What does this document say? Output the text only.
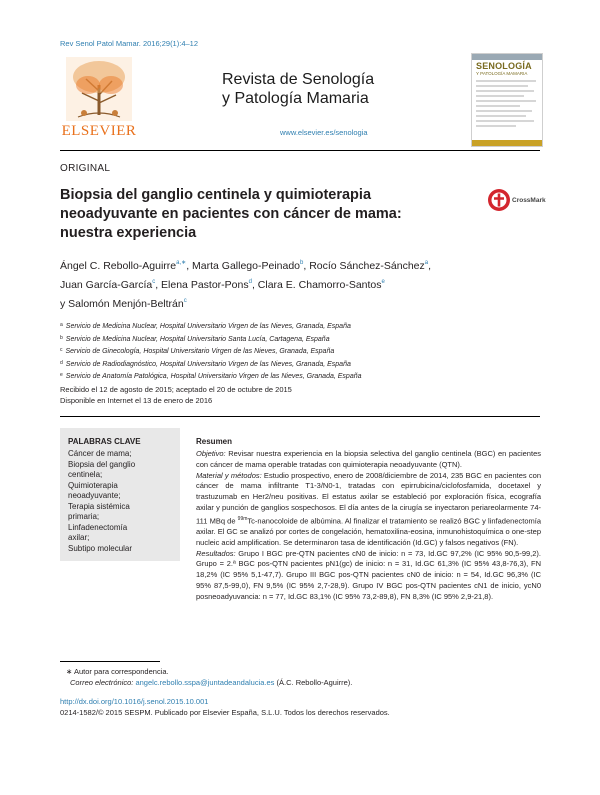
Rev Senol Patol Mamar. 2016;29(1):4–12
ELSEVIER
Revista de Senología
y Patología Mamaria
www.elsevier.es/senologia
SENOLOGÍA
Y PATOLOGÍA MAMARIA
ORIGINAL
Biopsia del ganglio centinela y quimioterapia neoadyuvante en pacientes con cáncer de mama: nuestra experiencia
CrossMark
Ángel C. Rebollo-Aguirre$^{a,∗}$, Marta Gallego-Peinado$^b$, Rocío Sánchez-Sánchez$^a$,
Juan García-García$^c$, Elena Pastor-Pons$^d$, Clara E. Chamorro-Santos$^e$
y Salomón Menjón-Beltrán$^c$
$^a$ Servicio de Medicina Nuclear, Hospital Universitario Virgen de las Nieves, Granada, España
$^b$ Servicio de Medicina Nuclear, Hospital Universitario Santa Lucía, Cartagena, España
$^c$ Servicio de Ginecología, Hospital Universitario Virgen de las Nieves, Granada, España
$^d$ Servicio de Radiodiagnóstico, Hospital Universitario Virgen de las Nieves, Granada, España
$^e$ Servicio de Anatomía Patológica, Hospital Universitario Virgen de las Nieves, Granada, España
Recibido el 12 de agosto de 2015; aceptado el 20 de octubre de 2015
Disponible en Internet el 13 de enero de 2016
PALABRAS CLAVE
Cáncer de mama;
Biopsia del ganglio
centinela;
Quimioterapia
neoadyuvante;
Terapia sistémica
primaria;
Linfadenectomía
axilar;
Subtipo molecular
Resumen

Objetivo: Revisar nuestra experiencia en la biopsia selectiva del ganglio centinela (BGC) en pacientes con cáncer de mama operable tratadas con quimioterapia neoadyuvante (QTN).

Material y métodos: Estudio prospectivo, enero de 2008/diciembre de 2014, 235 BGC en pacientes con cáncer de mama infiltrante T1-3/N0-1, tratadas con epirrubicina/ciclofosfamida, docetaxel y trastuzumab en Her2/neu positivas. El estatus axilar se estableció por exploración física, ecografía axilar y punción de ganglios sospechosos. El día antes de la cirugía se inyectaron periareolarmente 74-111 MBq de $^{99m}$Tc-nanocoloide de albúmina. Al finalizar el tratamiento se realizó BGC y linfadenectomía axilar. El GC se analizó por cortes de congelación, hematoxilina-eosina, inmunohistoquímica o one-step nucleic acid amplification. Se determinaron tasa de identificación (Id.GC) y falsos negativos (FN).

Resultados: Grupo I BGC pre-QTN pacientes cN0 de inicio: n = 73, Id.GC 97,2% (IC 95% 90,5-99,2). Grupo = 2.ª BGC pos-QTN pacientes pN1(gc) de inicio: n = 31, Id.GC 61,3% (IC 95% 43,8-76,3), FN 18,2% (IC 95% 5,1-47,7). Grupo III BGC pos-QTN pacientes cN0 de inicio: n = 54, Id.GC 96,3% (IC 95% 87,5-99,0), FN 9,5% (IC 95% 2,7-28,9). Grupo IV BGC pos-QTN pacientes cN1 de inicio, ycN0 posneoadyuvancia: n = 77, Id.GC 83,1% (IC 95% 73,2-89,8), FN 8,3% (IC 95% 2,9-21,8).

∗ Autor para correspondencia.
Correo electrónico: angelc.rebollo.sspa@juntadeandalucia.es (Á.C. Rebollo-Aguirre).
http://dx.doi.org/10.1016/j.senol.2015.10.001
0214-1582/© 2015 SESPM. Publicado por Elsevier España, S.L.U. Todos los derechos reservados.
